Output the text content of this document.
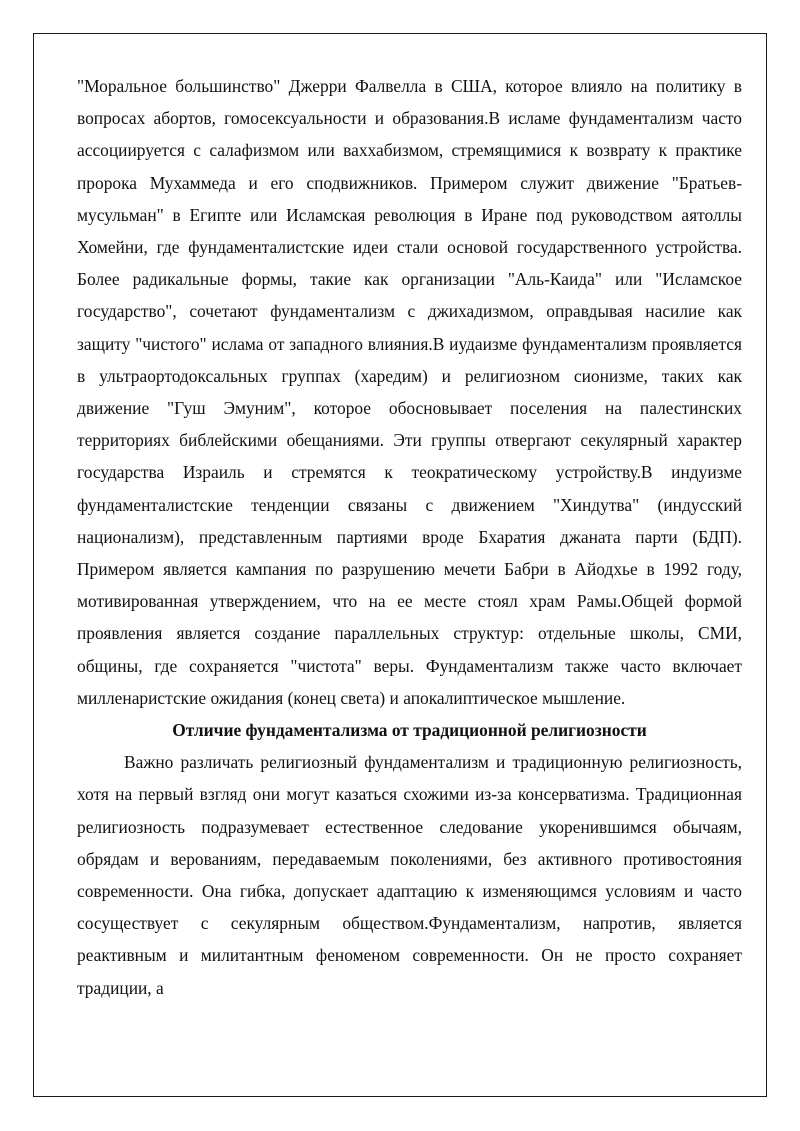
"Моральное большинство" Джерри Фалвелла в США, которое влияло на политику в вопросах абортов, гомосексуальности и образования.В исламе фундаментализм часто ассоциируется с салафизмом или ваххабизмом, стремящимися к возврату к практике пророка Мухаммеда и его сподвижников. Примером служит движение "Братьев-мусульман" в Египте или Исламская революция в Иране под руководством аятоллы Хомейни, где фундаменталистские идеи стали основой государственного устройства. Более радикальные формы, такие как организации "Аль-Каида" или "Исламское государство", сочетают фундаментализм с джихадизмом, оправдывая насилие как защиту "чистого" ислама от западного влияния.В иудаизме фундаментализм проявляется в ультраортодоксальных группах (харедим) и религиозном сионизме, таких как движение "Гуш Эмуним", которое обосновывает поселения на палестинских территориях библейскими обещаниями. Эти группы отвергают секулярный характер государства Израиль и стремятся к теократическому устройству.В индуизме фундаменталистские тенденции связаны с движением "Хиндутва" (индусский национализм), представленным партиями вроде Бхаратия джаната парти (БДП). Примером является кампания по разрушению мечети Бабри в Айодхье в 1992 году, мотивированная утверждением, что на ее месте стоял храм Рамы.Общей формой проявления является создание параллельных структур: отдельные школы, СМИ, общины, где сохраняется "чистота" веры. Фундаментализм также часто включает милленаристские ожидания (конец света) и апокалиптическое мышление.

Отличие фундаментализма от традиционной религиозности

Важно различать религиозный фундаментализм и традиционную религиозность, хотя на первый взгляд они могут казаться схожими из-за консерватизма. Традиционная религиозность подразумевает естественное следование укоренившимся обычаям, обрядам и верованиям, передаваемым поколениями, без активного противостояния современности. Она гибка, допускает адаптацию к изменяющимся условиям и часто сосуществует с секулярным обществом.Фундаментализм, напротив, является реактивным и милитантным феноменом современности. Он не просто сохраняет традиции, а
